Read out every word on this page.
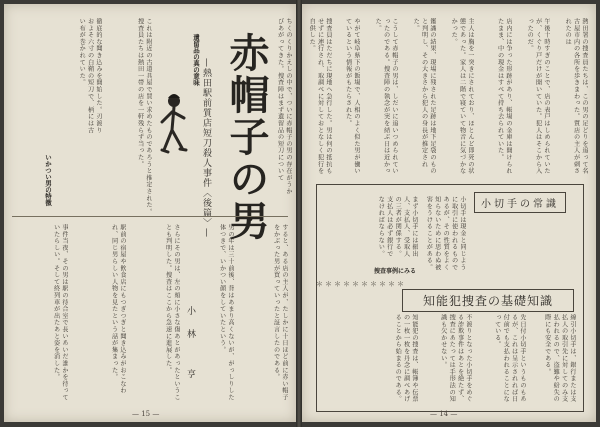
ちくのくりかえしの中で、ついに赤帽子の男の存在がうかびあがってきた。捜査陣はまず遺留品の短刀について
遺留品の真の意味
徹底的な聞き込みを開始した。刃渡りおよそ六寸の白鞘の短刀で、柄には古い布が巻かれていた。
いかつい男の特徴	これは附近の古道具屋で買い求めたものであろうと推定された。捜査員たちは熱田一帯の店を一軒残らず当った。 赤帽子の男
—熱田駅前質店短刀殺人事件〈後篇〉—
小林 亨	すると、ある店の主人が、たしかに十日ほど前に赤い帽子をかぶった男が買っていったと証言したのである。
男の年は三十前後、背はあまり高くないが、がっしりした体つきで、いかつい顔をしていたという。
さらにその男は、左の頬に小さな傷あとがあったということも判明した。捜査はここから急速に進展した。
駅前の宿屋や飲食店にもつぎつぎと聞き込みがおこなわれ、同じ男らしい人物を見たという話が集まった。
事件当夜、その男は駅の待合室で長いあいだ誰かを待っていたらしい。そして終列車が出たあと姿を消した。
— 15 —
熱田署の捜査員たちは、この男の足どりを追って名古屋市内の各所を歩きまわった。質店の主人が刺されたのは
午後十時すぎのことで、店の表戸はしめられていたが、くぐり戸だけが開いていた。犯人はそこから入ったのだ。
店内には争った形跡があり、帳場の金庫は開けられたまま、中の現金はすべて持ち去られていた。
主人は胸を一突きにされており、ほとんど即死の状態であった。家人は二階で寝ていて物音に気づかなかった。
鑑識の結果、現場に残された足跡は地下足袋のものと判明し、その大きさから犯人の身長が推定された。
こうして赤帽子の男は、しだいに追いつめられていったのである。捜査陣の執念が実を結ぶ日は近かった。
やがて岐阜県下の飯場で、人相のよく似た男が働いているという情報がもたらされた。
捜査員はただちに現地へ急行した。男は何の抵抗もせずに連行され、取調べに対しておとなしく犯行を自供した。
小切手の常識
小切手は現金と同じように取引に使われるものであるが、その性質をよく知らないために思わぬ被害をうけることがある。
まず小切手には振出人、支払人、受取人の三者が関係する。支払人は必ず銀行でなければならない。
捜査事例にみる
＊＊＊＊＊＊＊＊＊＊
知能犯捜査の基礎知識
線引小切手は、銀行または支払人の取引先に対してのみ支払われるので、盗難や紛失の際にも安全である。
先日付小切手というものもあるが、これは呈示されれば日付前でも支払われることになっている。
不渡りとなった小切手をめぐる詐欺事件はあとを絶たず、捜査にあたっては手形法の知識も欠かせない。
知能犯の捜査は、帳簿や伝票の一枚一枚を丹念に調べあげることから始まるのである。
— 14 —
